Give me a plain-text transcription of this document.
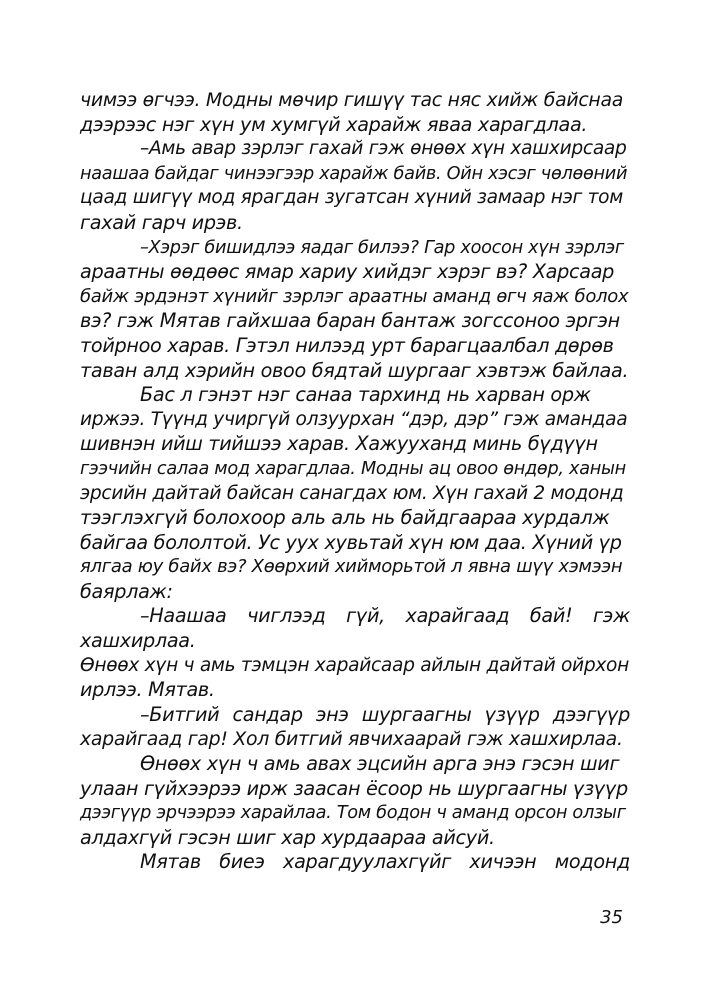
чимээ өгчээ. Модны мөчир гишүү тас няс хийж байснаа
дээрээс нэг хүн ум хумгүй харайж яваа харагдлаа.
–Амь авар зэрлэг гахай гэж өнөөх хүн хашхирсаар
наашаа байдаг чинээгээр харайж байв. Ойн хэсэг чөлөөний
цаад шигүү мод ярагдан зугатсан хүний замаар нэг том
гахай гарч ирэв.
–Хэрэг бишидлээ яадаг билээ? Гар хоосон хүн зэрлэг
араатны өөдөөс ямар хариу хийдэг хэрэг вэ? Харсаар
байж эрдэнэт хүнийг зэрлэг араатны аманд өгч яаж болох
вэ? гэж Мятав гайхшаа баран бантаж зогссоноо эргэн
тойрноо харав. Гэтэл нилээд урт барагцаалбал дөрөв
таван алд хэрийн овоо бядтай шургааг хэвтэж байлаа.
Бас л гэнэт нэг санаа тархинд нь харван орж
иржээ. Түүнд учиргүй олзуурхан “дэр, дэр” гэж амандаа
шивнэн ийш тийшээ харав. Хажууханд минь бүдүүн
гээчийн салаа мод харагдлаа. Модны ац овоо өндөр, ханын
эрсийн дайтай байсан санагдах юм. Хүн гахай 2 модонд
тээглэхгүй болохоор аль аль нь байдгаараа хурдалж
байгаа бололтой. Ус уух хувьтай хүн юм даа. Хүний үр
ялгаа юу байх вэ? Хөөрхий хийморьтой л явна шүү хэмээн
баярлаж:
–Наашаа чиглээд гүй, харайгаад бай! гэж
хашхирлаа.
Өнөөх хүн ч амь тэмцэн харайсаар айлын дайтай ойрхон
ирлээ. Мятав.
–Битгий сандар энэ шургаагны үзүүр дээгүүр
харайгаад гар! Хол битгий явчихаарай гэж хашхирлаа.
Өнөөх хүн ч амь авах эцсийн арга энэ гэсэн шиг
улаан гүйхээрээ ирж заасан ёсоор нь шургаагны үзүүр
дээгүүр эрчээрээ харайлаа. Том бодон ч аманд орсон олзыг
алдахгүй гэсэн шиг хар хурдаараа айсуй.
Мятав биеэ харагдуулахгүйг хичээн модонд
35
